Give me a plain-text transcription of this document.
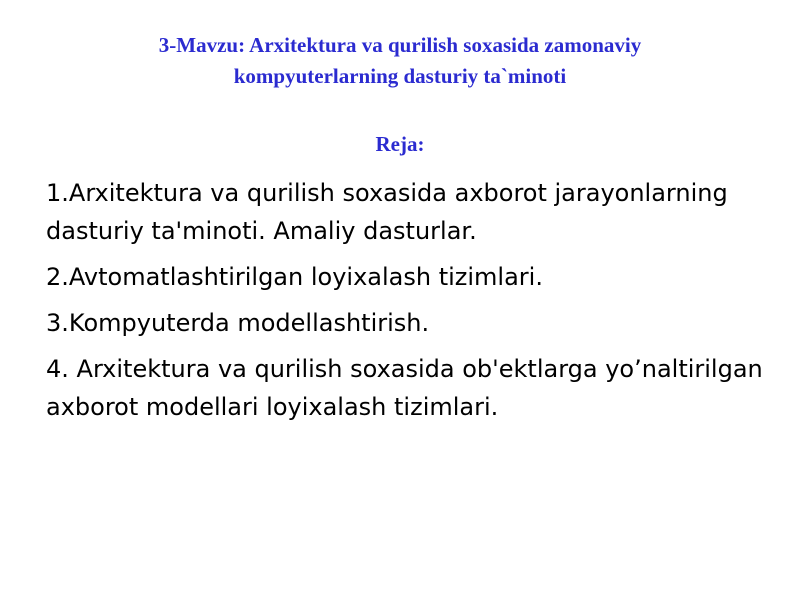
3-Mavzu: Arxitektura va qurilish soxasida zamonaviy
kompyuterlarning dasturiy ta`minoti
Reja:
1.Arxitektura va qurilish soxasida axborot jarayonlarning dasturiy ta'minoti. Amaliy dasturlar.
2.Avtomatlashtirilgan loyixalash tizimlari.
3.Kompyuterda modellashtirish.
4. Arxitektura va qurilish soxasida ob'ektlarga yo’naltirilgan axborot modellari loyixalash tizimlari.
